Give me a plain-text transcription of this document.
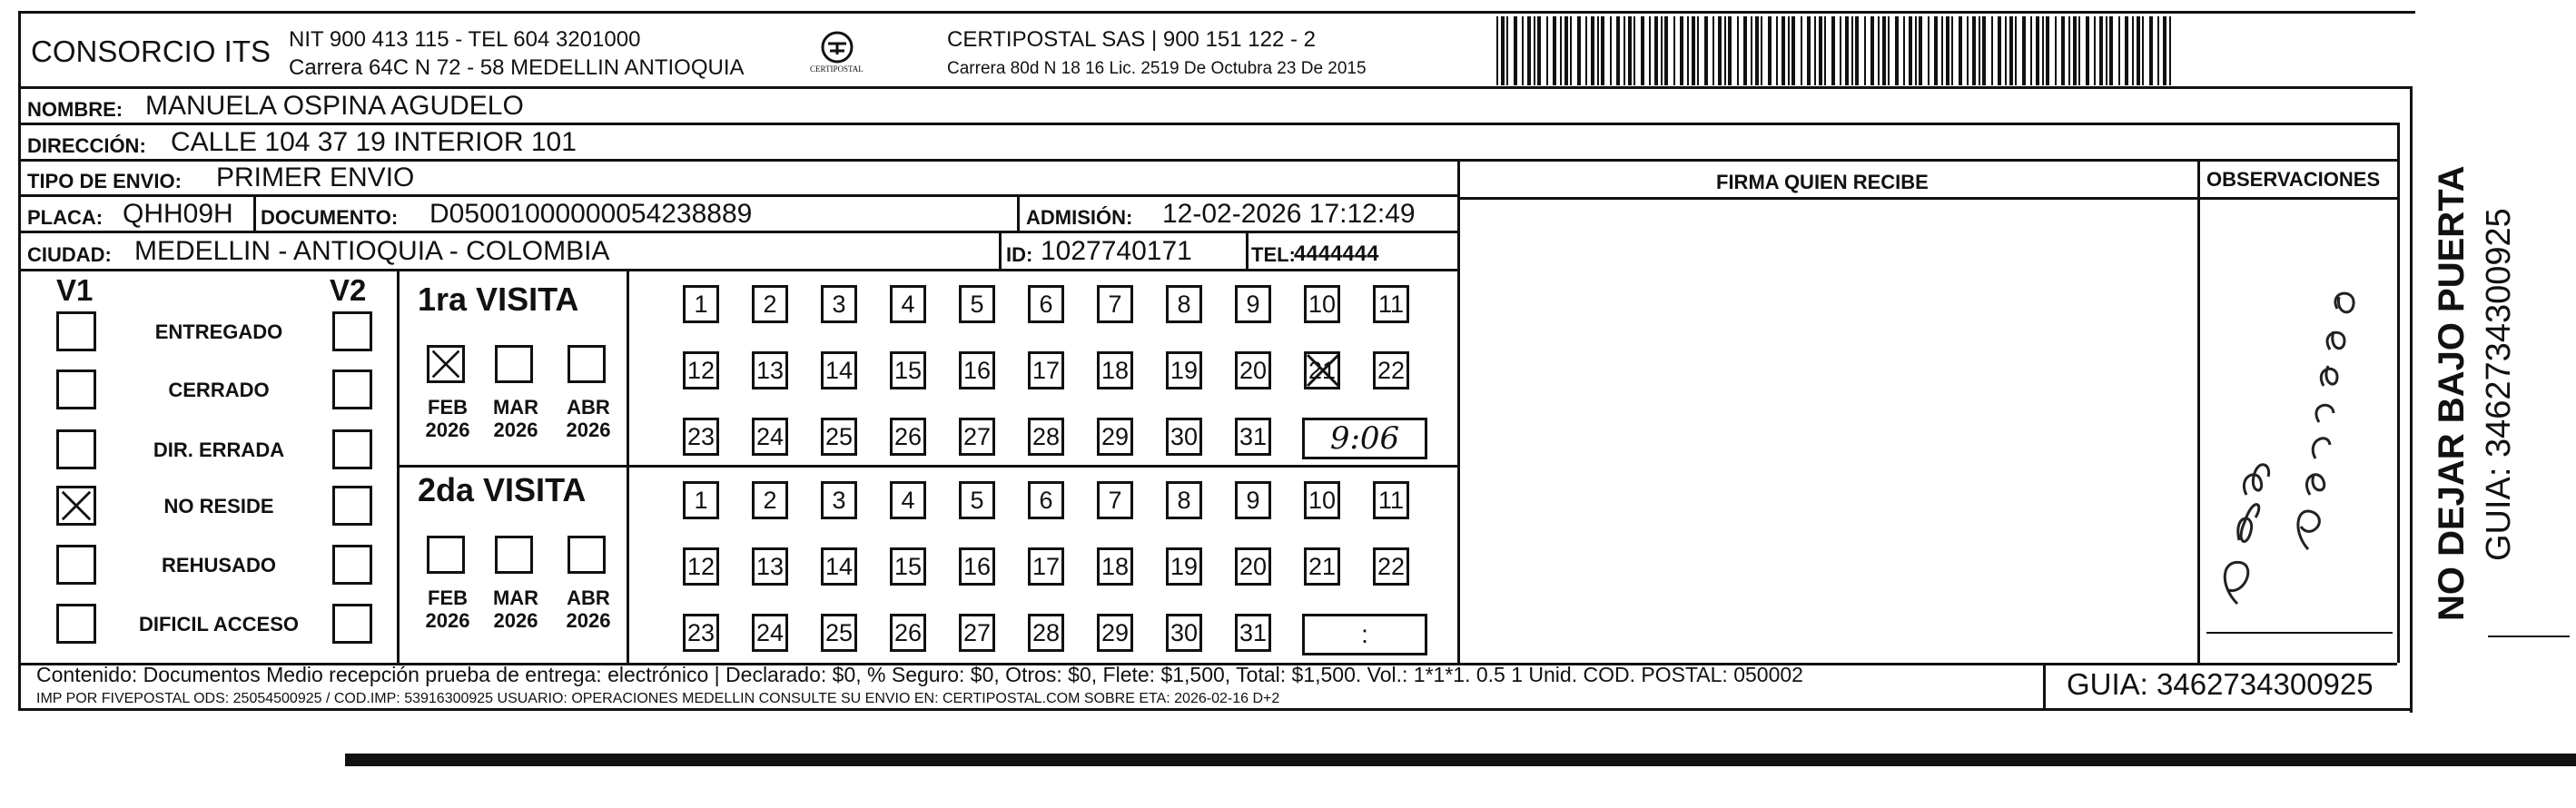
CONSORCIO ITS NIT 900 413 115 - TEL 604 3201000
Carrera 64C N 72 - 58 MEDELLIN ANTIOQUIA	CERTIPOSTAL
CERTIPOSTAL SAS | 900 151 122 - 2
Carrera 80d N 18 16 Lic. 2519 De Octubra 23 De 2015
NOMBRE: MANUELA OSPINA AGUDELO
DIRECCIÓN: CALLE 104 37 19 INTERIOR 101
TIPO DE ENVIO: PRIMER ENVIO
PLACA: QHH09H DOCUMENTO: D05001000000054238889	ADMISIÓN: 12-02-2026 17:12:49
CIUDAD: MEDELLIN - ANTIOQUIA - COLOMBIA	ID: 1027740171	TEL:
4444444
FIRMA QUIEN RECIBE	OBSERVACIONES
V1	V2
ENTREGADO
CERRADO
DIR. ERRADA
NO RESIDE
REHUSADO
DIFICIL ACCESO
1ra VISITA
FEB
2026
MAR
2026
ABR
2026
1	2	3	4	5	6	7	8	9	10 11
12 13 14 15 16 17 18 19 20 21 22
23 24 25 26 27 28 29 30 31	9:06
2da VISITA
FEB
2026
MAR
2026
ABR
2026
1	2	3	4	5	6	7	8	9	10 11
12 13 14 15 16 17 18 19 20 21 22
23 24 25 26 27 28 29 30 31	:
Contenido: Documentos Medio recepción prueba de entrega: electrónico | Declarado: $0, % Seguro: $0, Otros: $0, Flete: $1,500, Total: $1,500. Vol.: 1*1*1. 0.5 1 Unid. COD. POSTAL: 050002
IMP POR FIVEPOSTAL ODS: 25054500925 / COD.IMP: 53916300925 USUARIO: OPERACIONES MEDELLIN CONSULTE SU ENVIO EN: CERTIPOSTAL.COM SOBRE ETA: 2026-02-16 D+2	GUIA: 3462734300925
NO DEJAR BAJO PUERTA GUIA: 3462734300925
